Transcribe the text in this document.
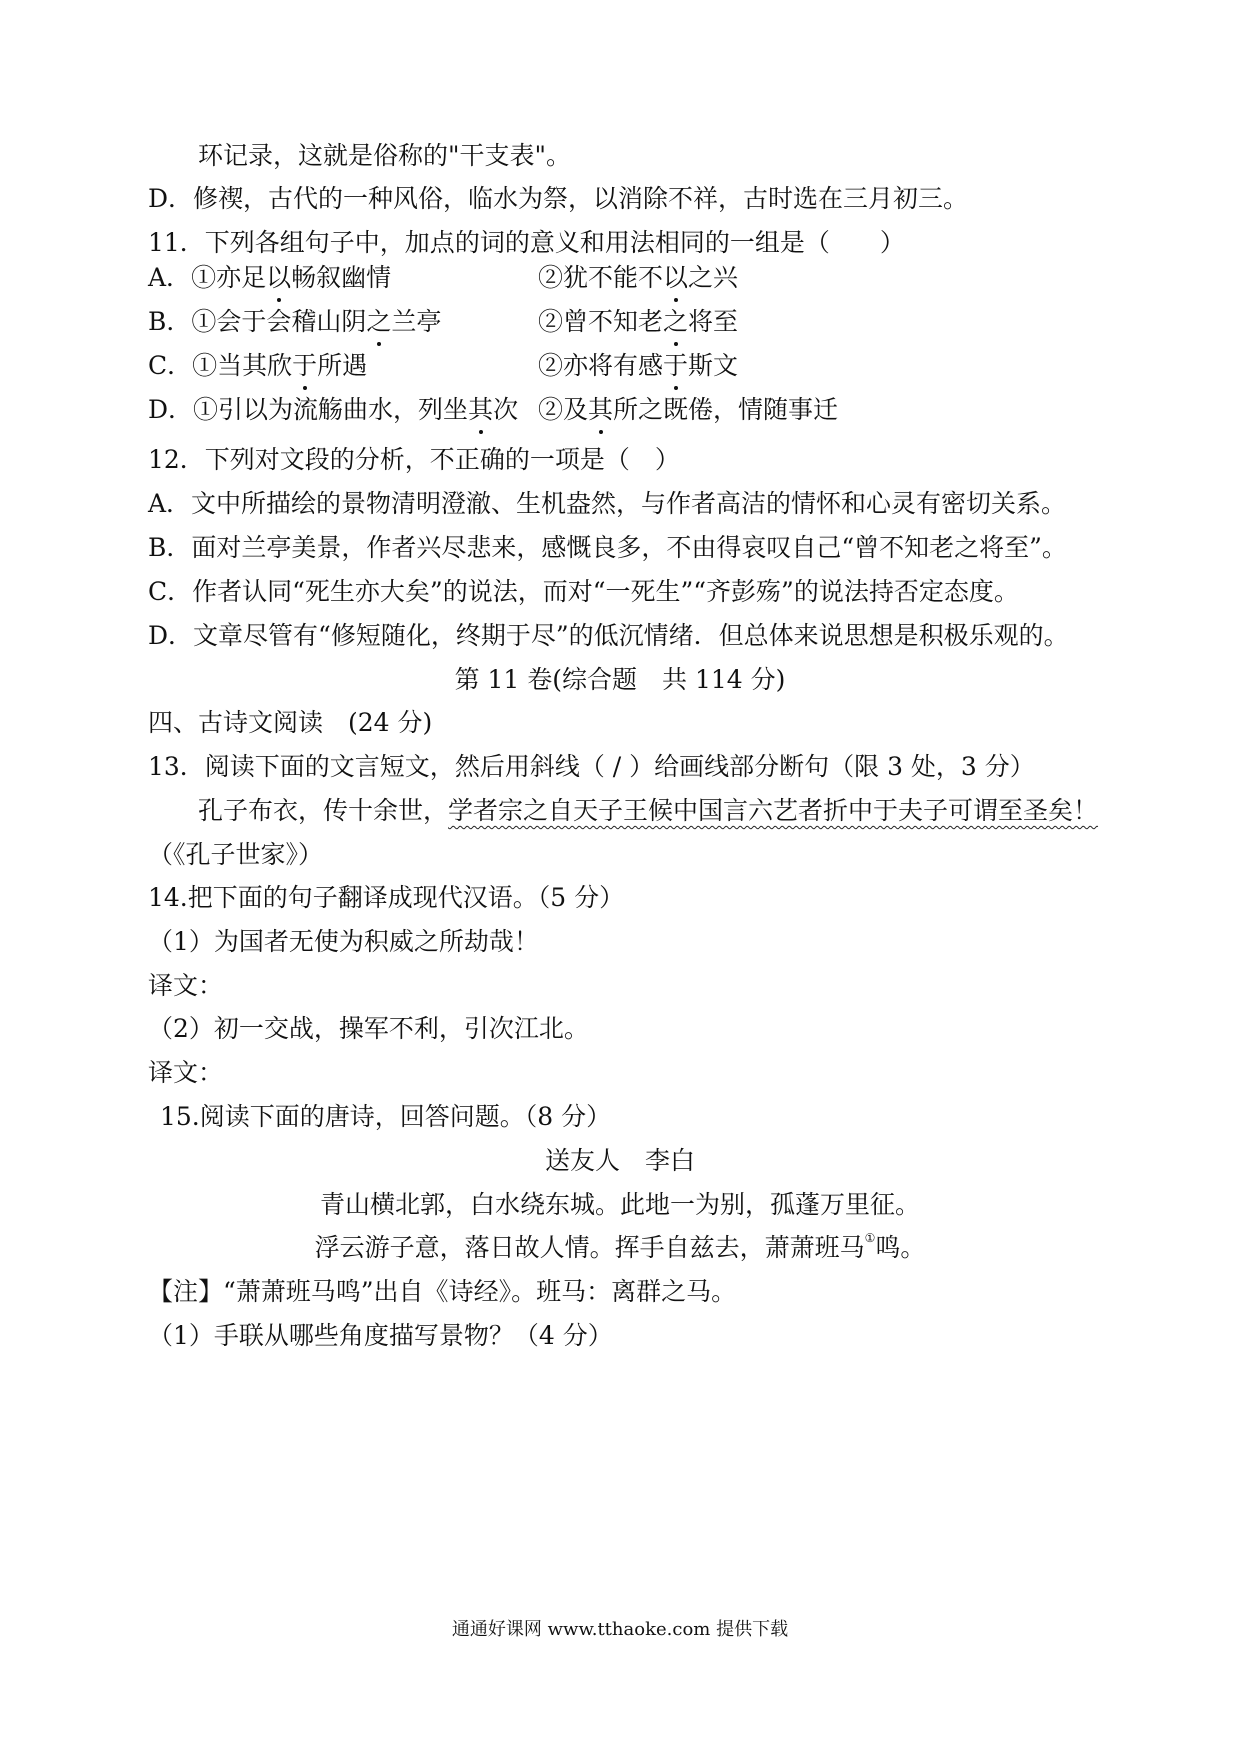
环记录，这就是俗称的"干支表"。
D．修禊，古代的一种风俗，临水为祭，以消除不祥，古时选在三月初三。
11．下列各组句子中，加点的词的意义和用法相同的一组是（　　）
A．①亦足以畅叙幽情	②犹不能不以之兴
B．①会于会稽山阴之兰亭	②曾不知老之将至
C．①当其欣于所遇	②亦将有感于斯文
D．①引以为流觞曲水，列坐其次 ②及其所之既倦，情随事迁
12．下列对文段的分析，不正确的一项是（　）
A．文中所描绘的景物清明澄澈、生机盎然，与作者高洁的情怀和心灵有密切关系。
B．面对兰亭美景，作者兴尽悲来，感慨良多，不由得哀叹自己“曾不知老之将至”。
C．作者认同“死生亦大矣”的说法，而对“一死生”“齐彭殇”的说法持否定态度。
D．文章尽管有“修短随化，终期于尽”的低沉情绪．但总体来说思想是积极乐观的。
第 11 卷(综合题　共 114 分)
四、古诗文阅读　(24 分)
13．阅读下面的文言短文，然后用斜线（ / ）给画线部分断句（限 3 处，3 分）
孔子布衣，传十余世，学者宗之自天子王候中国言六艺者折中于夫子可谓至圣矣！
（《孔子世家》）
14.把下面的句子翻译成现代汉语。（5 分）
（1）为国者无使为积威之所劫哉！
译文：
（2）初一交战，操军不利，引次江北。
译文：
15.阅读下面的唐诗，回答问题。（8 分）
送友人　李白
青山横北郭，白水绕东城。此地一为别，孤蓬万里征。
浮云游子意，落日故人情。挥手自兹去，萧萧班马①鸣。
【注】“萧萧班马鸣”出自《诗经》。班马：离群之马。
（1）手联从哪些角度描写景物？（4 分）
通通好课网 www.tthaoke.com 提供下载
